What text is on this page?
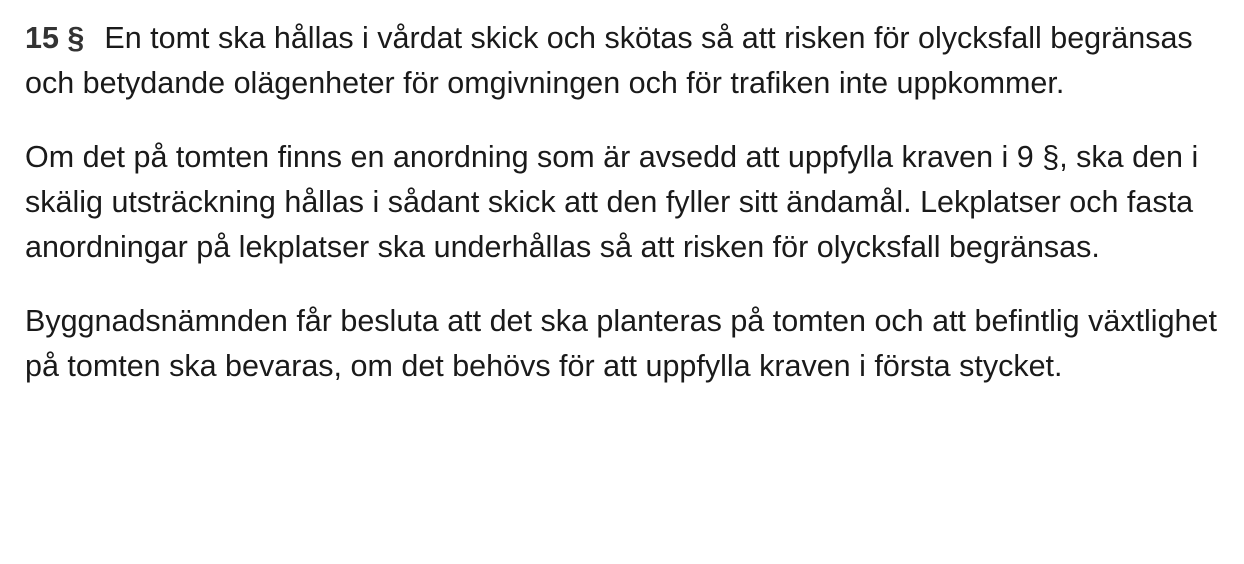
15 § En tomt ska hållas i vårdat skick och skötas så att risken för olycksfall begränsas och betydande olägenheter för omgivningen och för trafiken inte uppkommer.

Om det på tomten finns en anordning som är avsedd att uppfylla kraven i 9 §, ska den i skälig utsträckning hållas i sådant skick att den fyller sitt ändamål. Lekplatser och fasta anordningar på lekplatser ska underhållas så att risken för olycksfall begränsas.

Byggnadsnämnden får besluta att det ska planteras på tomten och att befintlig växtlighet på tomten ska bevaras, om det behövs för att uppfylla kraven i första stycket.
